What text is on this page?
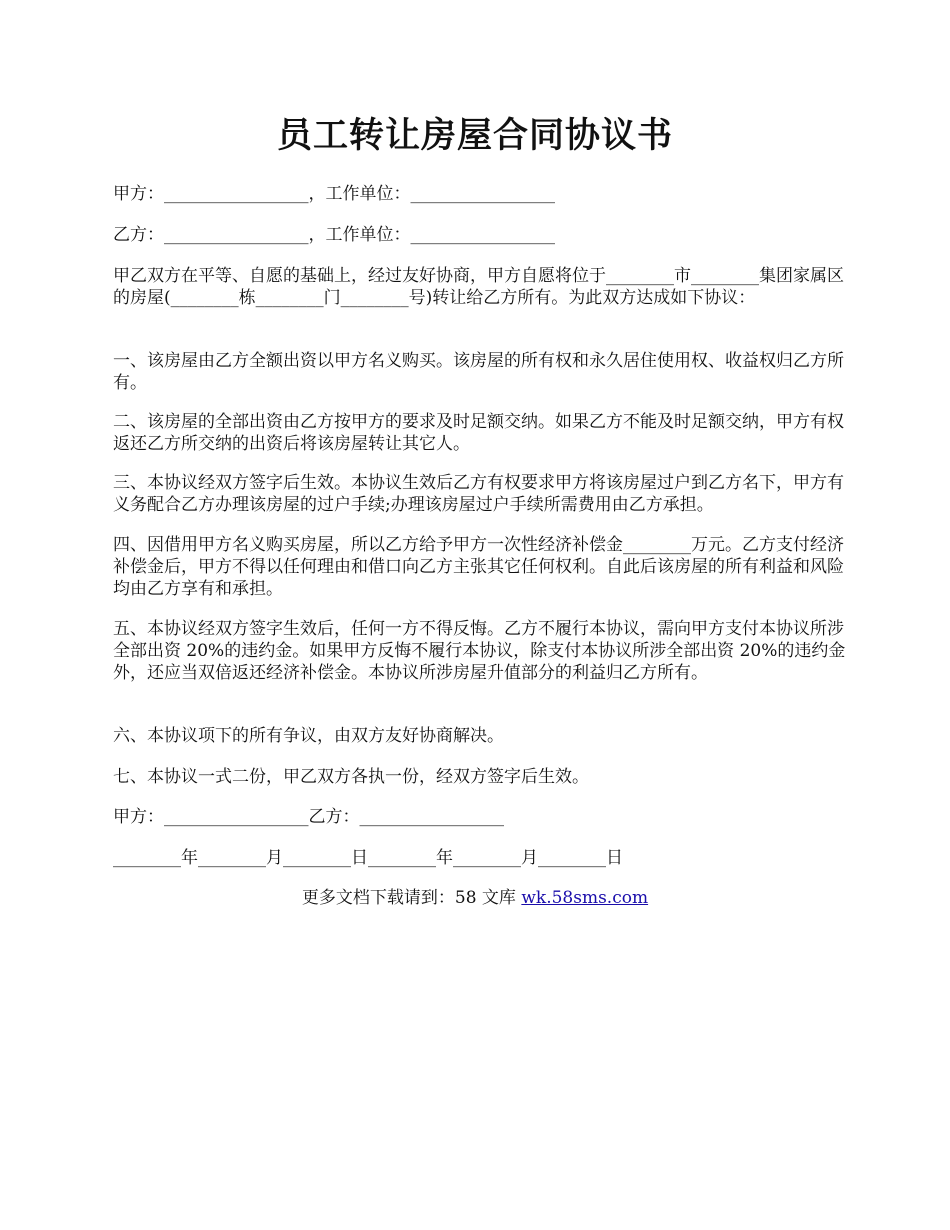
员工转让房屋合同协议书

甲方：_________________，工作单位：_________________

乙方：_________________，工作单位：_________________

甲乙双方在平等、自愿的基础上，经过友好协商，甲方自愿将位于________市________集团家属区的房屋(________栋________门________号)转让给乙方所有。为此双方达成如下协议：

一、该房屋由乙方全额出资以甲方名义购买。该房屋的所有权和永久居住使用权、收益权归乙方所有。

二、该房屋的全部出资由乙方按甲方的要求及时足额交纳。如果乙方不能及时足额交纳，甲方有权返还乙方所交纳的出资后将该房屋转让其它人。

三、本协议经双方签字后生效。本协议生效后乙方有权要求甲方将该房屋过户到乙方名下，甲方有义务配合乙方办理该房屋的过户手续;办理该房屋过户手续所需费用由乙方承担。

四、因借用甲方名义购买房屋，所以乙方给予甲方一次性经济补偿金________万元。乙方支付经济补偿金后，甲方不得以任何理由和借口向乙方主张其它任何权利。自此后该房屋的所有利益和风险均由乙方享有和承担。

五、本协议经双方签字生效后，任何一方不得反悔。乙方不履行本协议，需向甲方支付本协议所涉全部出资 20%的违约金。如果甲方反悔不履行本协议，除支付本协议所涉全部出资 20%的违约金外，还应当双倍返还经济补偿金。本协议所涉房屋升值部分的利益归乙方所有。

六、本协议项下的所有争议，由双方友好协商解决。

七、本协议一式二份，甲乙双方各执一份，经双方签字后生效。

甲方：_________________乙方：_________________

________年________月________日________年________月________日

更多文档下载请到：58 文库 wk.58sms.com
